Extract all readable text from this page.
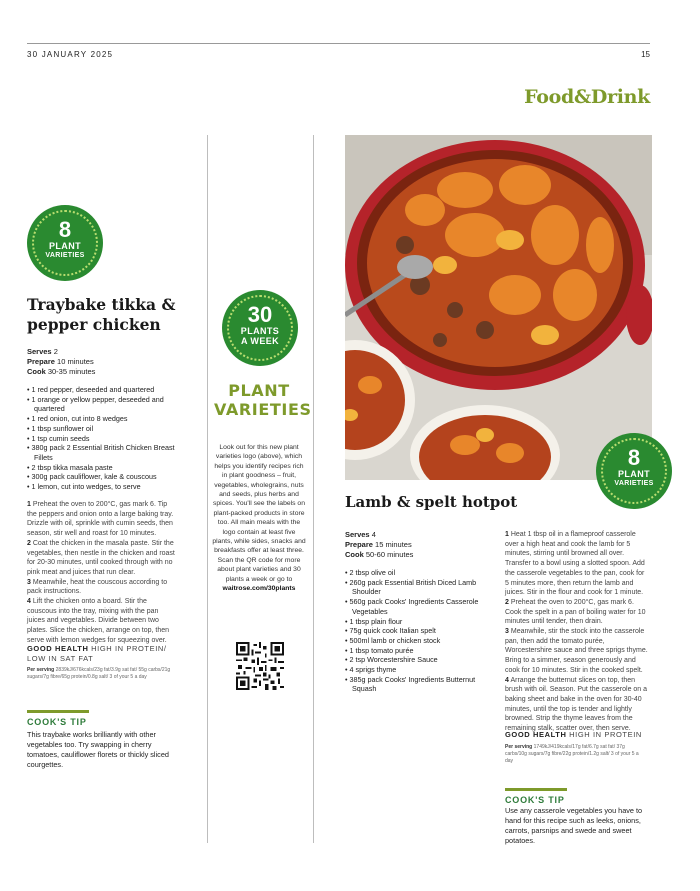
30 JANUARY 2025	15
Food&Drink
8
PLANT
VARIETIES
Traybake tikka & pepper chicken
Serves 2
Prepare 10 minutes
Cook 30-35 minutes
• 1 red pepper, deseeded and quartered
• 1 orange or yellow pepper, deseeded and quartered
• 1 red onion, cut into 8 wedges
• 1 tbsp sunflower oil
• 1 tsp cumin seeds
• 380g pack 2 Essential British Chicken Breast Fillets
• 2 tbsp tikka masala paste
• 300g pack cauliflower, kale & couscous
• 1 lemon, cut into wedges, to serve

1 Preheat the oven to 200°C, gas mark 6. Tip the peppers and onion onto a large baking tray. Drizzle with oil, sprinkle with cumin seeds, then season, stir well and roast for 10 minutes.

2 Coat the chicken in the masala paste. Stir the vegetables, then nestle in the chicken and roast for 20-30 minutes, until cooked through with no pink meat and juices that run clear.

3 Meanwhile, heat the couscous according to pack instructions.

4 Lift the chicken onto a board. Stir the couscous into the tray, mixing with the pan juices and vegetables. Divide between two plates. Slice the chicken, arrange on top, then serve with lemon wedges for squeezing over.

GOOD HEALTH HIGH IN PROTEIN/ LOW IN SAT FAT
Per serving 2839kJ/676kcals/23g fat/3.9g sat fat/ 55g carbs/21g sugars/7g fibre/65g protein/0.8g salt/ 3 of your 5 a day
COOK'S TIP
This traybake works brilliantly with other vegetables too. Try swapping in cherry tomatoes, cauliflower florets or thickly sliced courgettes.
30
PLANTS
A WEEK
PLANT VARIETIES
Look out for this new plant varieties logo (above), which helps you identify recipes rich in plant goodness – fruit, vegetables, wholegrains, nuts and seeds, plus herbs and spices. You'll see the labels on plant-packed products in store too. All main meals with the logo contain at least five plants, while sides, snacks and breakfasts offer at least three. Scan the QR code for more about plant varieties and 30 plants a week or go to waitrose.com/30plants
8
PLANT
VARIETIES
Lamb & spelt hotpot
Serves 4
Prepare 15 minutes
Cook 50-60 minutes
• 2 tbsp olive oil
• 260g pack Essential British Diced Lamb Shoulder
• 560g pack Cooks' Ingredients Casserole Vegetables
• 1 tbsp plain flour
• 75g quick cook Italian spelt
• 500ml lamb or chicken stock
• 1 tbsp tomato purée
• 2 tsp Worcestershire Sauce
• 4 sprigs thyme
• 385g pack Cooks' Ingredients Butternut Squash

1 Heat 1 tbsp oil in a flameproof casserole over a high heat and cook the lamb for 5 minutes, stirring until browned all over. Transfer to a bowl using a slotted spoon. Add the casserole vegetables to the pan, cook for 5 minutes more, then return the lamb and juices. Stir in the flour and cook for 1 minute.

2 Preheat the oven to 200°C, gas mark 6. Cook the spelt in a pan of boiling water for 10 minutes until tender, then drain.

3 Meanwhile, stir the stock into the casserole pan, then add the tomato purée, Worcestershire sauce and three sprigs thyme. Bring to a simmer, season generously and cook for 10 minutes. Stir in the cooked spelt.

4 Arrange the butternut slices on top, then brush with oil. Season. Put the casserole on a baking sheet and bake in the oven for 30-40 minutes, until the top is tender and lightly browned. Strip the thyme leaves from the remaining stalk, scatter over, then serve.

GOOD HEALTH HIGH IN PROTEIN
Per serving 1749kJ/419kcals/17g fat/6.7g sat fat/ 37g carbs/10g sugars/7g fibre/22g protein/1.2g salt/ 3 of your 5 a day
COOK'S TIP
Use any casserole vegetables you have to hand for this recipe such as leeks, onions, carrots, parsnips and swede and sweet potatoes.
